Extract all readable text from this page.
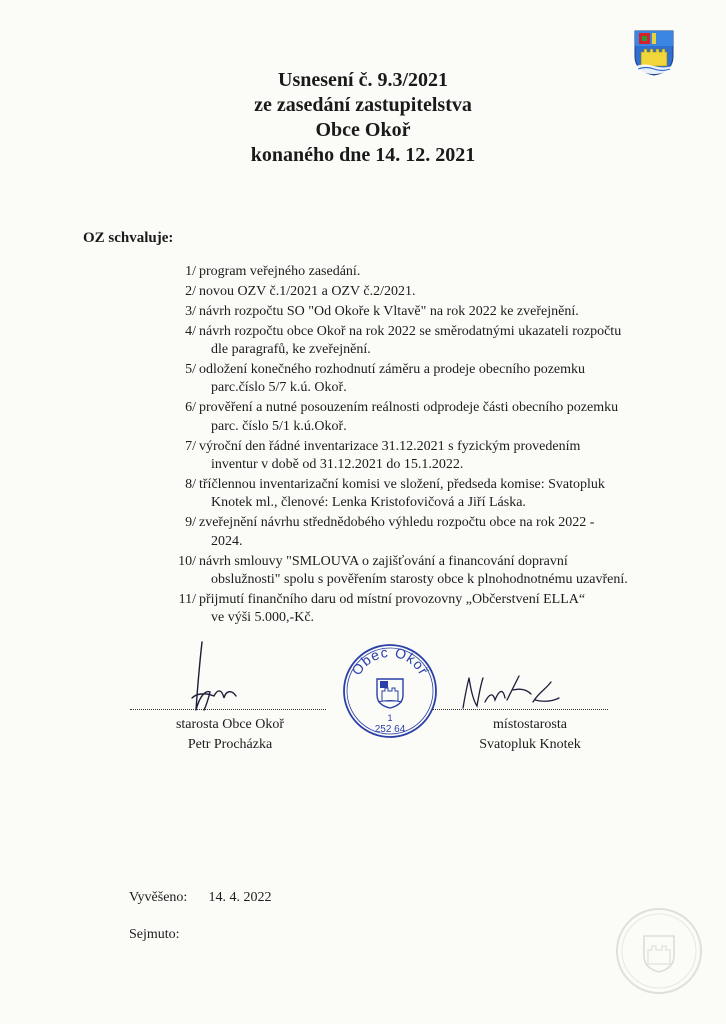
Usnesení č. 9.3/2021
ze zasedání zastupitelstva
Obce Okoř
konaného dne 14. 12. 2021
OZ schvaluje:
1/ program veřejného zasedání.
2/ novou OZV č.1/2021 a OZV č.2/2021.
3/ návrh rozpočtu SO "Od Okoře k Vltavě" na rok 2022 ke zveřejnění.
4/ návrh rozpočtu obce Okoř na rok 2022 se směrodatnými ukazateli rozpočtu
dle paragrafů, ke zveřejnění.
5/ odložení konečného rozhodnutí záměru a prodeje obecního pozemku
parc.číslo 5/7 k.ú. Okoř.
6/ prověření a nutné posouzením reálnosti odprodeje části obecního pozemku
parc. číslo 5/1 k.ú.Okoř.
7/ výroční den řádné inventarizace 31.12.2021 s fyzickým provedením
inventur v době od 31.12.2021 do 15.1.2022.
8/ tříčlennou inventarizační komisi ve složení, předseda komise: Svatopluk
Knotek ml., členové: Lenka Kristofovičová a Jiří Láska.
9/ zveřejnění návrhu střednědobého výhledu rozpočtu obce na rok 2022 -
2024.
10/ návrh smlouvy "SMLOUVA o zajišťování a financování dopravní
obslužnosti" spolu s pověřením starosty obce k plnohodnotnému uzavření.
11/ přijmutí finančního daru od místní provozovny „Občerstvení ELLA“
ve výši 5.000,-Kč.
starosta Obce Okoř
Petr Procházka
Obec Okoř
1
252 64	místostarosta
Svatopluk Knotek
Vyvěšeno: 14. 4. 2022
Sejmuto:
